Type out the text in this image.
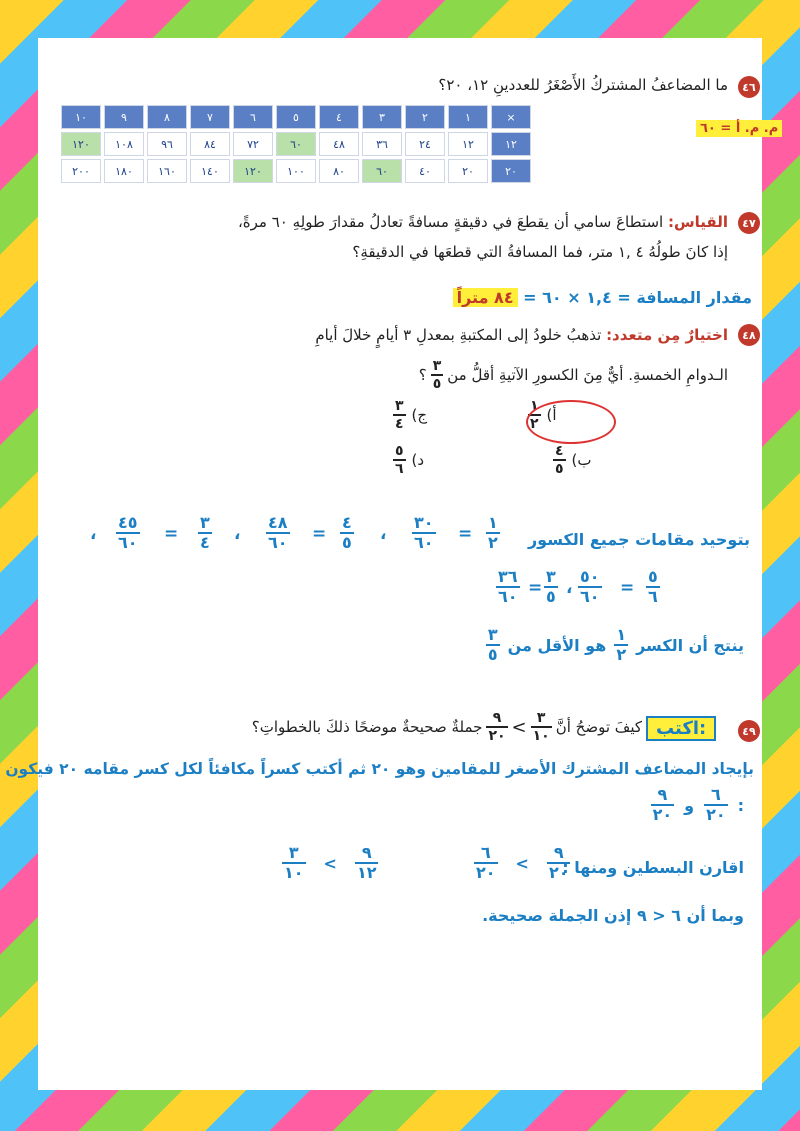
٤٦
ما المضاعفُ المشتركُ الأَصْغَرُ للعددينِ ١٢، ٢٠؟
×	١	٢	٣	٤	٥	٦	٧	٨	٩	١٠
١٢	١٢	٢٤	٣٦	٤٨	٦٠	٧٢	٨٤	٩٦	١٠٨	١٢٠
٢٠	٢٠	٤٠	٦٠	٨٠	١٠٠	١٢٠	١٤٠	١٦٠	١٨٠	٢٠٠
م. م. أ = ٦٠
٤٧
القياس: استطاعَ سامي أن يقطعَ في دقيقةٍ مسافةً تعادلُ مقدارَ طولِهِ ٦٠ مرةً،
إذا كانَ طولُهُ ٤ ,١ متر، فما المسافةُ التي قطعَها في الدقيقةِ؟
مقدار المسافة = ١,٤ × ٦٠ = ٨٤ متراً
٤٨
اختيارٌ مِن متعدد: تذهبُ خلودُ إلى المكتبةِ بمعدلِ ٣ أيامٍ خلالَ أيامِ
الـدوامِ الخمسةِ. أيٌّ مِنَ الكسورِ الآتيةِ أقلُّ من
$\frac{٣}{٥}$
؟
أ)
$\frac{١}{٢}$
ج)
$\frac{٣}{٤}$
ب)
$\frac{٤}{٥}$
د)
$\frac{٥}{٦}$
بتوحيد مقامات جميع الكسور
١
٢
=
٣٠
٦٠
،
٤
٥
=
٤٨
٦٠
،
٣
٤
=
٤٥
٦٠
،
٥
٦
=
٥٠
٦٠
،
٣
٥
=
٣٦
٦٠
ينتج أن الكسر
$\frac{١}{٢}$
هو الأقل من
$\frac{٣}{٥}$
٤٩
اكتب:
كيفَ توضحُ أنَّ
$\frac{٣}{١٠}$
>
$\frac{٩}{٢٠}$
جملةٌ صحيحةٌ موضحًا ذلكَ بالخطواتِ؟
بإيجاد المضاعف المشترك الأصغر للمقامين وهو ٢٠ ثم أكتب كسراً مكافئاً لكل كسر مقامه ٢٠ فيكون
:
$\frac{٦}{٢٠}$
و
$\frac{٩}{٢٠}$
اقارن البسطين ومنها :
$\frac{٩}{٢٠}$
>
$\frac{٦}{٢٠}$
$\frac{٩}{١٢}$
>
$\frac{٣}{١٠}$
وبما أن ٦ < ٩ إذن الجملة صحيحة.
